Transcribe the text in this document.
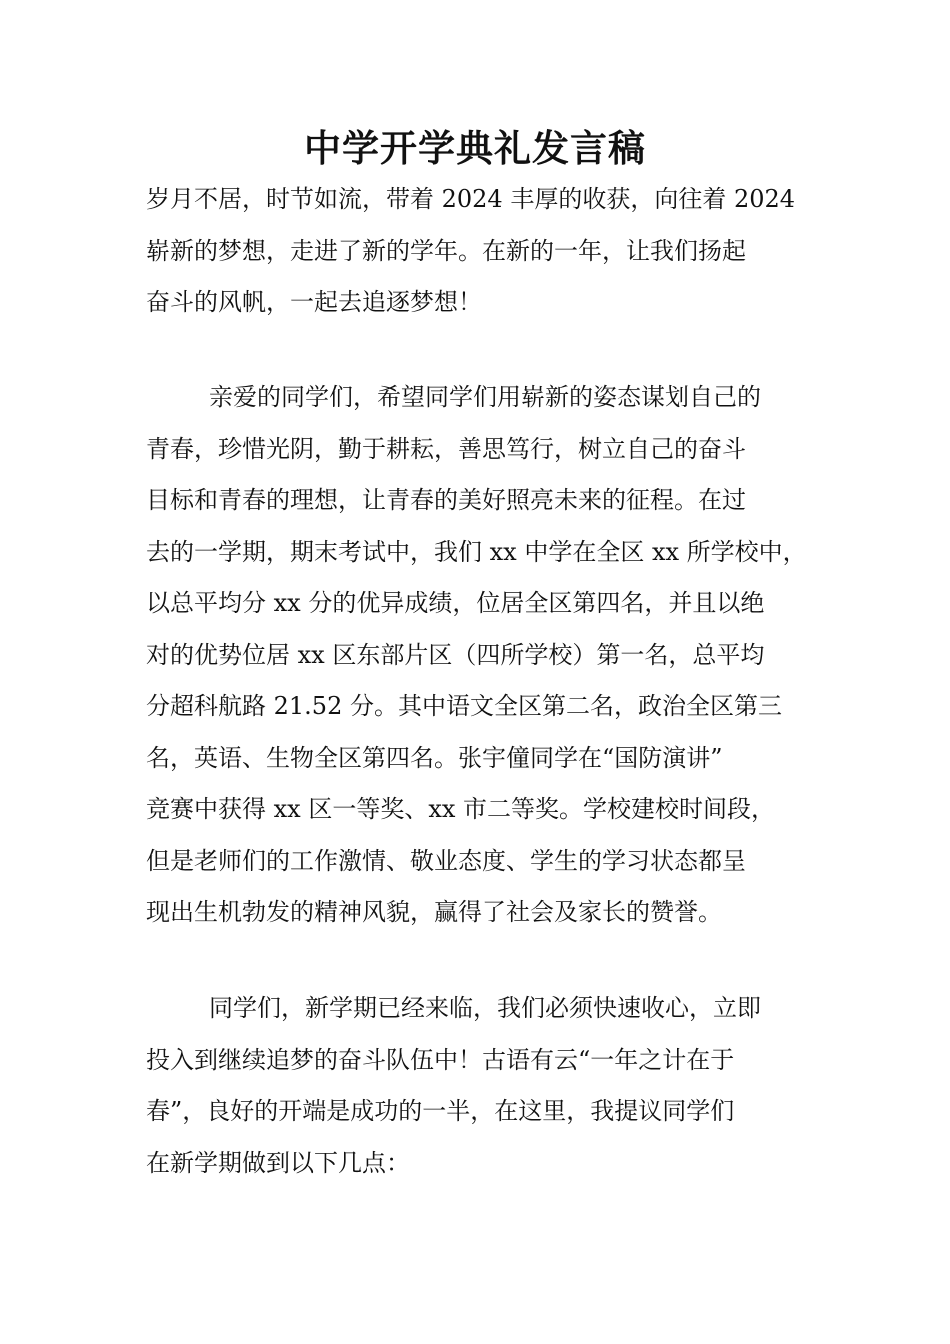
中学开学典礼发言稿
岁月不居，时节如流，带着 2024 丰厚的收获，向往着 2024
崭新的梦想，走进了新的学年。在新的一年，让我们扬起
奋斗的风帆，一起去追逐梦想！
亲爱的同学们，希望同学们用崭新的姿态谋划自己的
青春，珍惜光阴，勤于耕耘，善思笃行，树立自己的奋斗
目标和青春的理想，让青春的美好照亮未来的征程。在过
去的一学期，期末考试中，我们 xx 中学在全区 xx 所学校中，
以总平均分 xx 分的优异成绩，位居全区第四名，并且以绝
对的优势位居 xx 区东部片区（四所学校）第一名，总平均
分超科航路 21.52 分。其中语文全区第二名，政治全区第三
名，英语、生物全区第四名。张宇僮同学在“国防演讲”
竞赛中获得 xx 区一等奖、xx 市二等奖。学校建校时间段，
但是老师们的工作激情、敬业态度、学生的学习状态都呈
现出生机勃发的精神风貌，赢得了社会及家长的赞誉。
同学们，新学期已经来临，我们必须快速收心，立即
投入到继续追梦的奋斗队伍中！古语有云“一年之计在于
春”，良好的开端是成功的一半，在这里，我提议同学们
在新学期做到以下几点：
